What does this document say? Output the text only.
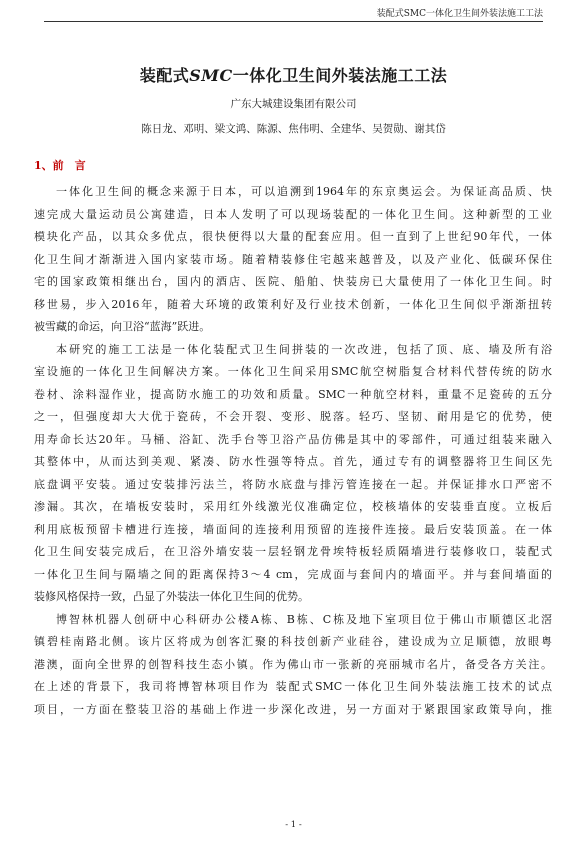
装配式SMC一体化卫生间外装法施工工法
装配式SMC一体化卫生间外装法施工工法
广东大城建设集团有限公司
陈日龙、邓明、梁文鸿、陈源、焦伟明、全建华、吴贺勋、谢其岱
1、前　言
一体化卫生间的概念来源于日本，可以追溯到1964年的东京奥运会。为保证高品质、快
速完成大量运动员公寓建造，日本人发明了可以现场装配的一体化卫生间。这种新型的工业
模块化产品，以其众多优点，很快便得以大量的配套应用。但一直到了上世纪90年代，一体
化卫生间才渐渐进入国内家装市场。随着精装修住宅越来越普及，以及产业化、低碳环保住
宅的国家政策相继出台，国内的酒店、医院、船舶、快装房已大量使用了一体化卫生间。时
移世易，步入2016年，随着大环境的政策利好及行业技术创新，一体化卫生间似乎渐渐扭转
被雪藏的命运，向卫浴“蓝海”跃进。
本研究的施工工法是一体化装配式卫生间拼装的一次改进，包括了顶、底、墙及所有浴
室设施的一体化卫生间解决方案。一体化卫生间采用SMC航空树脂复合材料代替传统的防水
卷材、涂料湿作业，提高防水施工的功效和质量。SMC一种航空材料，重量不足瓷砖的五分
之一，但强度却大大优于瓷砖，不会开裂、变形、脱落。轻巧、坚韧、耐用是它的优势，使
用寿命长达20年。马桶、浴缸、洗手台等卫浴产品仿佛是其中的零部件，可通过组装来融入
其整体中，从而达到美观、紧凑、防水性强等特点。首先，通过专有的调整器将卫生间区先
底盘调平安装。通过安装排污法兰，将防水底盘与排污管连接在一起。并保证排水口严密不
渗漏。其次，在墙板安装时，采用红外线激光仪准确定位，校核墙体的安装垂直度。立板后
利用底板预留卡槽进行连接，墙面间的连接利用预留的连接件连接。最后安装顶盖。在一体
化卫生间安装完成后，在卫浴外墙安装一层轻钢龙骨埃特板轻质隔墙进行装修收口，装配式
一体化卫生间与隔墙之间的距离保持3～4 cm，完成面与套间内的墙面平。并与套间墙面的
装修风格保持一致，凸显了外装法一体化卫生间的优势。
博智林机器人创研中心科研办公楼A栋、B栋、C栋及地下室项目位于佛山市顺德区北滘
镇碧桂南路北侧。该片区将成为创客汇聚的科技创新产业硅谷，建设成为立足顺德，放眼粤
港澳，面向全世界的创智科技生态小镇。作为佛山市一张新的亮丽城市名片，备受各方关注。
在上述的背景下，我司将博智林项目作为 装配式SMC一体化卫生间外装法施工技术的试点
项目，一方面在整装卫浴的基础上作进一步深化改进，另一方面对于紧跟国家政策导向，推
- 1 -
